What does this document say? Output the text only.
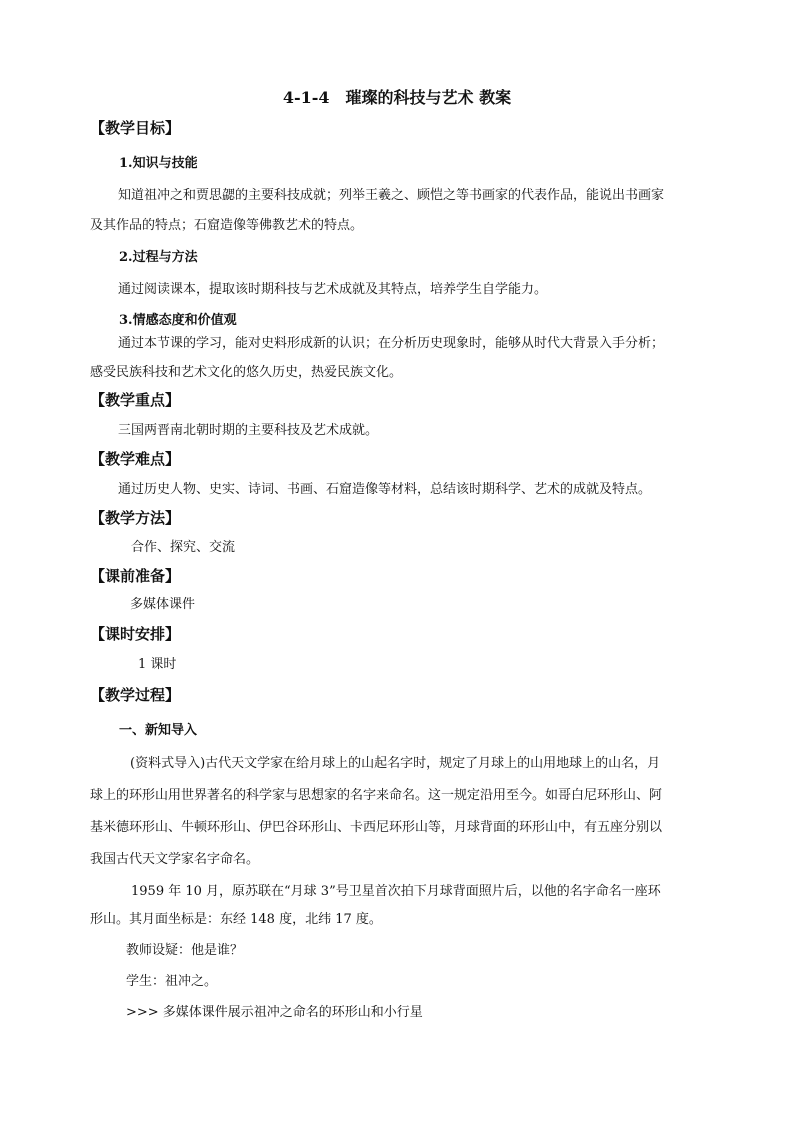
4-1-4　璀璨的科技与艺术 教案
【教学目标】
1.知识与技能
知道祖冲之和贾思勰的主要科技成就；列举王羲之、顾恺之等书画家的代表作品，能说出书画家
及其作品的特点；石窟造像等佛教艺术的特点。
2.过程与方法
通过阅读课本，提取该时期科技与艺术成就及其特点，培养学生自学能力。
3.情感态度和价值观
通过本节课的学习，能对史料形成新的认识；在分析历史现象时，能够从时代大背景入手分析；
感受民族科技和艺术文化的悠久历史，热爱民族文化。
【教学重点】
三国两晋南北朝时期的主要科技及艺术成就。
【教学难点】
通过历史人物、史实、诗词、书画、石窟造像等材料，总结该时期科学、艺术的成就及特点。
【教学方法】
合作、探究、交流
【课前准备】
多媒体课件
【课时安排】
1 课时
【教学过程】
一、新知导入
(资料式导入)古代天文学家在给月球上的山起名字时，规定了月球上的山用地球上的山名，月
球上的环形山用世界著名的科学家与思想家的名字来命名。这一规定沿用至今。如哥白尼环形山、阿
基米德环形山、牛顿环形山、伊巴谷环形山、卡西尼环形山等，月球背面的环形山中，有五座分别以
我国古代天文学家名字命名。
1959 年 10 月，原苏联在“月球 3”号卫星首次拍下月球背面照片后，以他的名字命名一座环
形山。其月面坐标是：东经 148 度，北纬 17 度。
教师设疑：他是谁？
学生：祖冲之。
>>> 多媒体课件展示祖冲之命名的环形山和小行星
